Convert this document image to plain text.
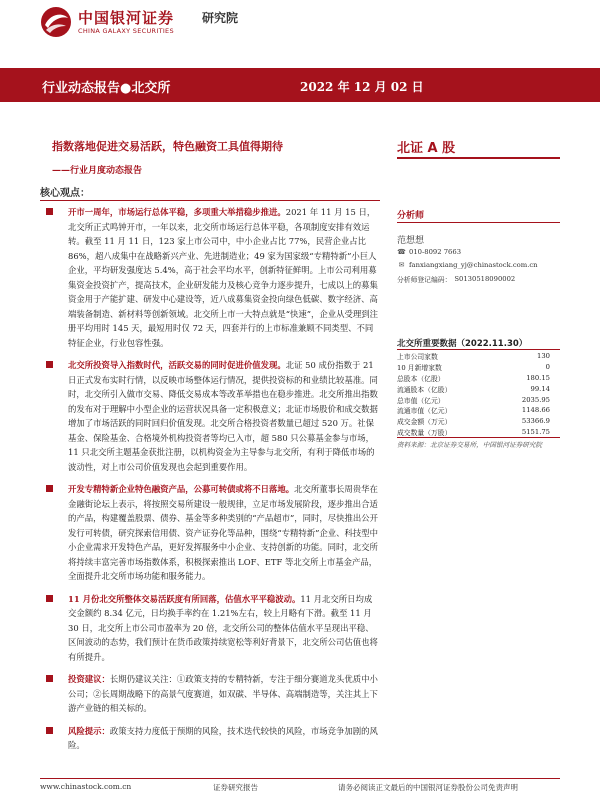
中国银河证券
CHINA GALAXY SECURITIES
研究院
行业动态报告●北交所	2022 年 12 月 02 日
指数落地促进交易活跃，特色融资工具值得期待
——行业月度动态报告
核心观点：
开市一周年，市场运行总体平稳，多项重大举措稳步推进。2021 年 11 月 15 日，北交所正式鸣钟开市，一年以来，北交所市场运行总体平稳，各项制度安排有效运转。截至 11 月 11 日，123 家上市公司中，中小企业占比 77%，民营企业占比 86%，超八成集中在战略新兴产业、先进制造业；49 家为国家级“专精特新”小巨人企业，平均研发强度达 5.4%，高于社会平均水平，创新特征鲜明。上市公司利用募集资金投资扩产，提高技术，企业研发能力及核心竞争力逐步提升，七成以上的募集资金用于产能扩建、研发中心建设等，近八成募集资金投向绿色低碳、数字经济、高端装备制造、新材料等创新领域。北交所上市一大特点就是“快速”，企业从受理到注册平均用时 145 天，最短用时仅 72 天，四套并行的上市标准兼顾不同类型、不同特征企业，行业包容性强。
北交所投资导入指数时代，活跃交易的同时促进价值发现。北证 50 成份指数于 21 日正式发布实时行情，以反映市场整体运行情况，提供投资标的和业绩比较基准。同时，北交所引入做市交易、降低交易成本等改革举措也在稳步推进。北交所推出指数的发布对于理解中小型企业的运营状况具备一定积极意义；北证市场股价和成交数据增加了市场活跃的同时回归价值发现。北交所合格投资者数量已超过 520 万。社保基金、保险基金、合格境外机构投资者等均已入市，超 580 只公募基金参与市场，11 只北交所主题基金获批注册，以机构资金为主导参与北交所，有利于降低市场的波动性，对上市公司价值发现也会起到重要作用。
开发专精特新企业特色融资产品，公募可转债或将不日落地。北交所董事长周贵华在金融街论坛上表示，将按照交易所建设一般规律，立足市场发展阶段，逐步推出合适的产品，构建覆盖股票、债券、基金等多种类别的“产品超市”，同时，尽快推出公开发行可转债，研究探索信用债、资产证券化等品种，围绕“专精特新”企业、科技型中小企业需求开发特色产品，更好发挥服务中小企业、支持创新的功能。同时，北交所将持续丰富完善市场指数体系，积极探索推出 LOF、ETF 等北交所上市基金产品，全面提升北交所市场功能和服务能力。
11 月份北交所整体交易活跃度有所回落，估值水平平稳波动。11 月北交所日均成交金额约 8.34 亿元，日均换手率约在 1.21%左右，较上月略有下滑。截至 11 月 30 日，北交所上市公司市盈率为 20 倍，北交所公司的整体估值水平呈现出平稳、区间波动的态势，我们预计在货币政策持续宽松等利好背景下，北交所公司估值也将有所提升。
投资建议：长期仍建议关注：①政策支持的专精特新，专注于细分赛道龙头优质中小公司；②长周期战略下的高景气度赛道，如双碳、半导体、高端制造等，关注其上下游产业链的相关标的。
风险提示：政策支持力度低于预期的风险，技术迭代较快的风险，市场竞争加剧的风险。
北证 A 股
分析师
范想想
☎ 010-8092 7663
✉ fanxiangxiang_yj@chinastock.com.cn
分析师登记编码： S0130518090002
北交所重要数据（2022.11.30）
上市公司家数	130
10 月新增家数	0
总股本（亿股）	180.15
流通股本（亿股）	99.14
总市值（亿元）	2035.95
流通市值（亿元）	1148.66
成交金额（万元）	53366.9
成交数量（万股）	5151.75
资料来源：北京证券交易所，中国银河证券研究院
www.chinastock.com.cn	证券研究报告	请务必阅读正文最后的中国银河证券股份公司免责声明
